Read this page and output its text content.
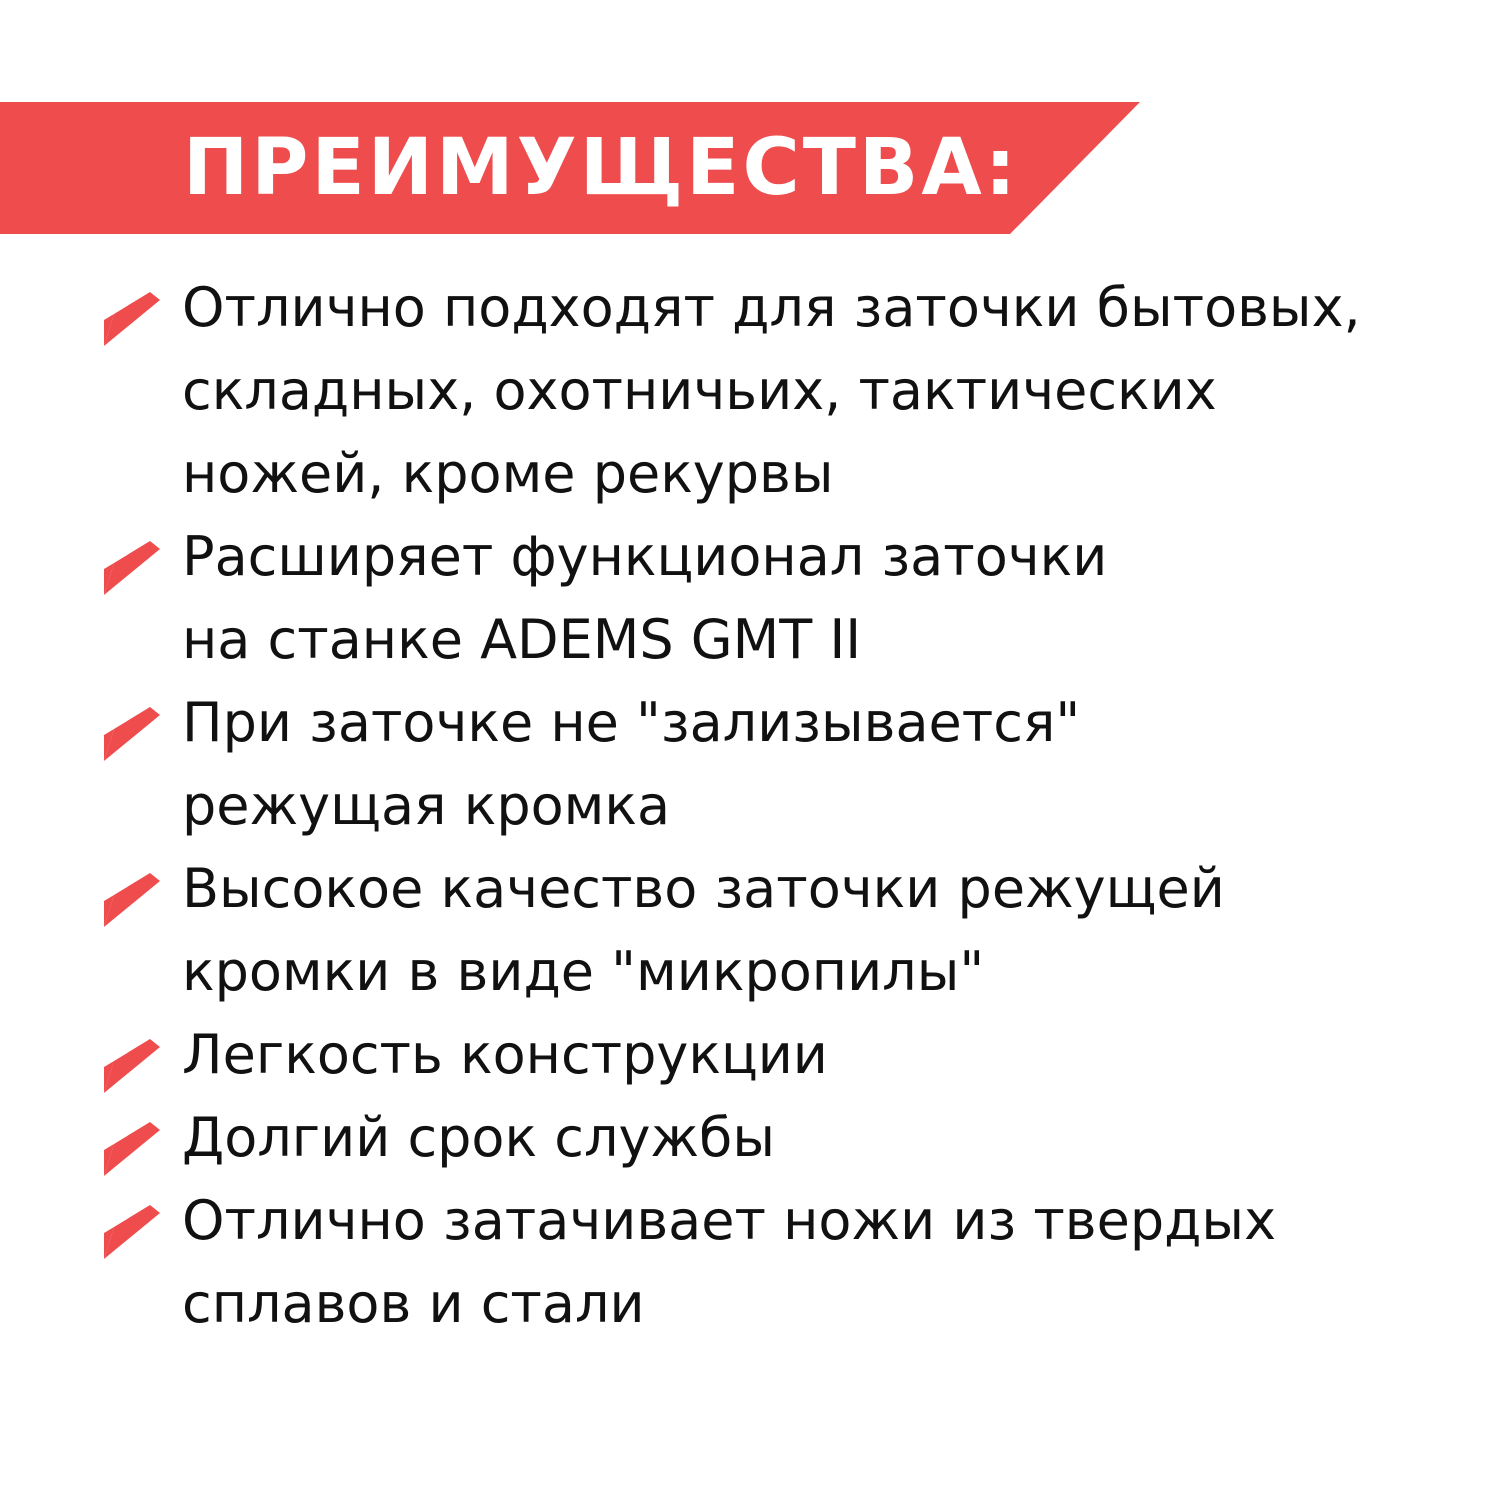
ПРЕИМУЩЕСТВА:
Отлично подходят для заточки бытовых,
складных, охотничьих, тактических
ножей, кроме рекурвы
Расширяет функционал заточки
на станке ADEMS GMT II
При заточке не "зализывается"
режущая кромка
Высокое качество заточки режущей
кромки в виде "микропилы"
Легкость конструкции
Долгий срок службы
Отлично затачивает ножи из твердых
сплавов и стали
